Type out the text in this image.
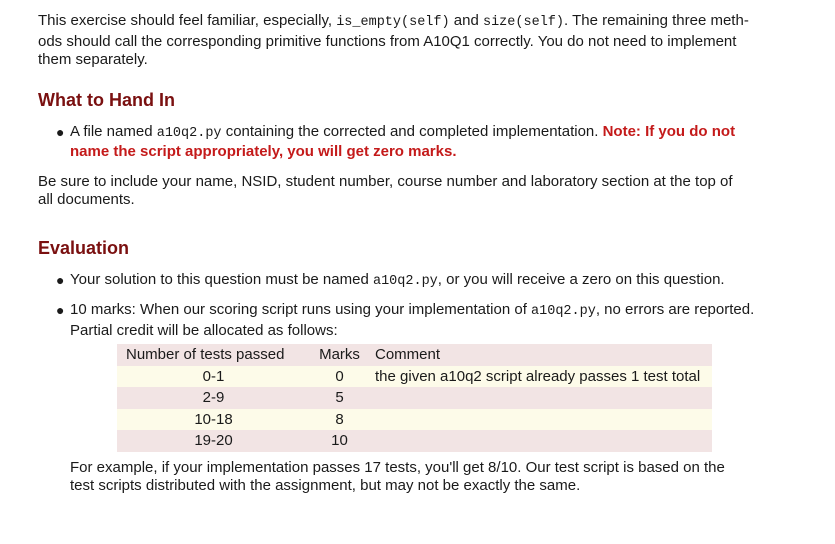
This exercise should feel familiar, especially, is_empty(self) and size(self). The remaining three meth-
ods should call the corresponding primitive functions from A10Q1 correctly. You do not need to implement
them separately.

What to Hand In
● A file named a10q2.py containing the corrected and completed implementation. Note: If you do not
name the script appropriately, you will get zero marks.

Be sure to include your name, NSID, student number, course number and laboratory section at the top of
all documents.

Evaluation
● Your solution to this question must be named a10q2.py, or you will receive a zero on this question.
● 10 marks: When our scoring script runs using your implementation of a10q2.py, no errors are reported.
Partial credit will be allocated as follows:
Number of tests passed	Marks	Comment
0-1	0	the given a10q2 script already passes 1 test total
2-9	5	
10-18	8	
19-20	10	

For example, if your implementation passes 17 tests, you'll get 8/10. Our test script is based on the
test scripts distributed with the assignment, but may not be exactly the same.
